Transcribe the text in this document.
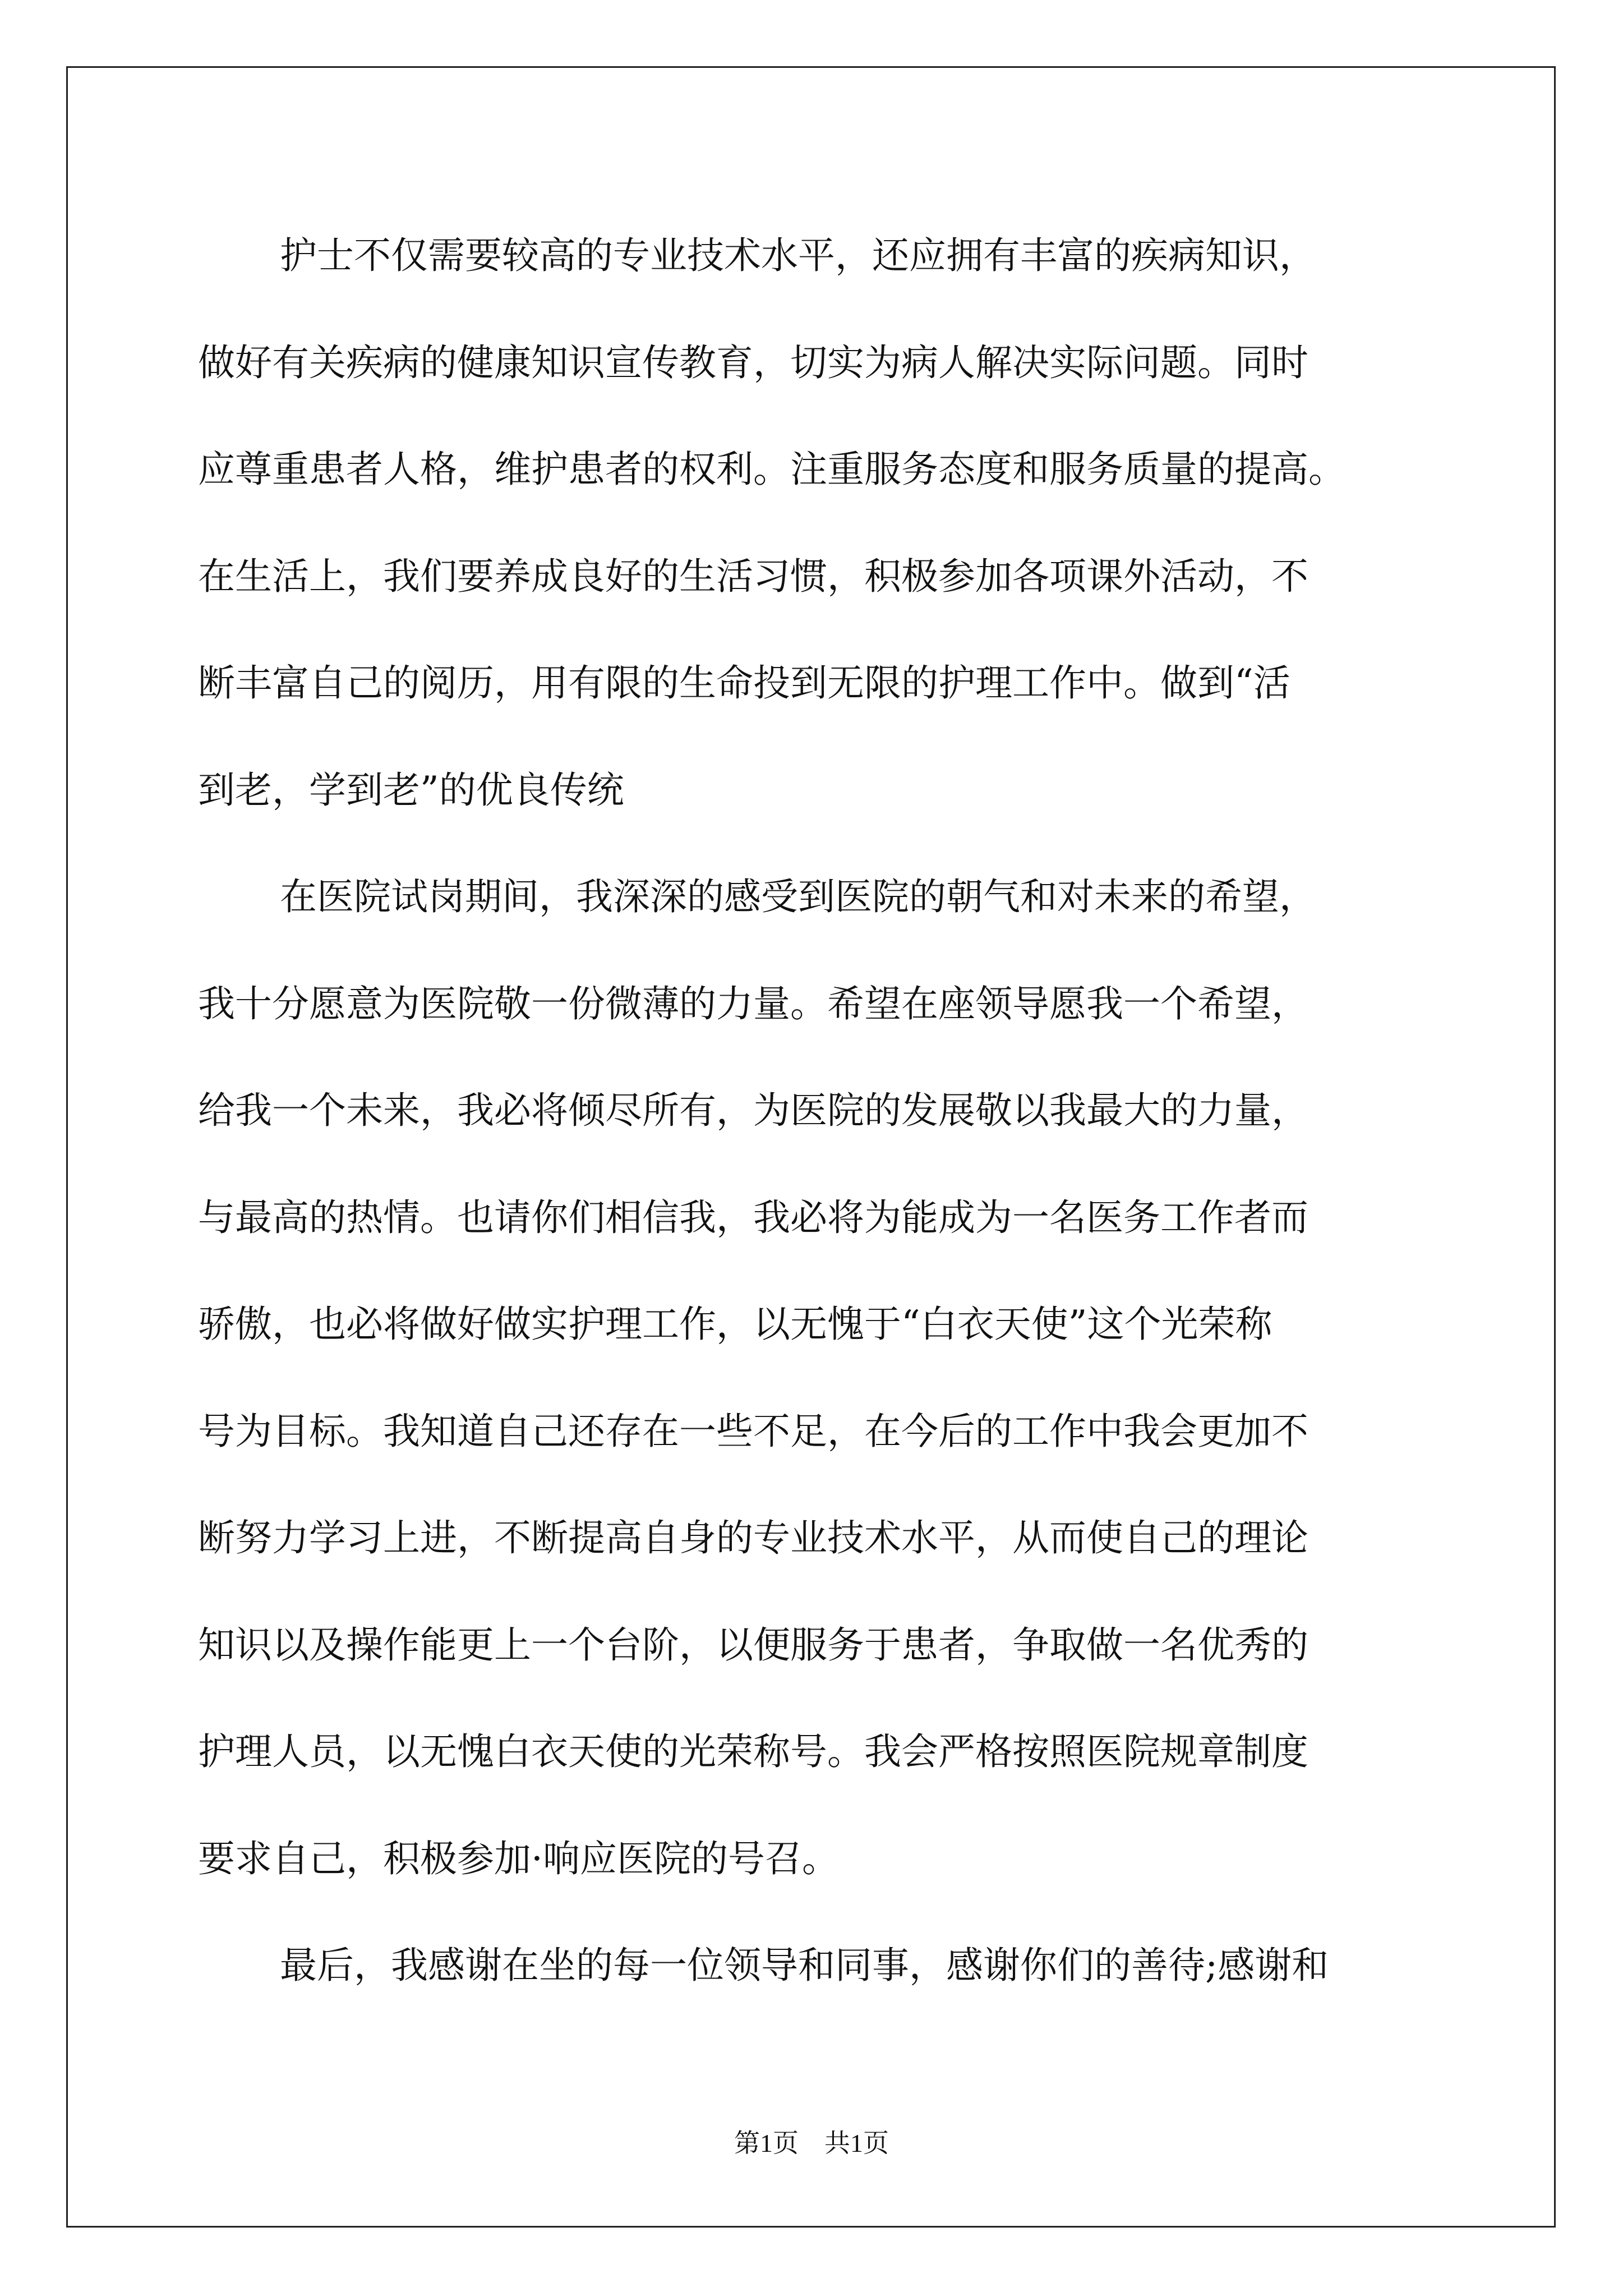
护士不仅需要较高的专业技术水平，还应拥有丰富的疾病知识，
做好有关疾病的健康知识宣传教育，切实为病人解决实际问题。同时
应尊重患者人格，维护患者的权利。注重服务态度和服务质量的提高。
在生活上，我们要养成良好的生活习惯，积极参加各项课外活动，不
断丰富自己的阅历，用有限的生命投到无限的护理工作中。做到“活
到老，学到老”的优良传统
在医院试岗期间，我深深的感受到医院的朝气和对未来的希望，
我十分愿意为医院敬一份微薄的力量。希望在座领导愿我一个希望，
给我一个未来，我必将倾尽所有，为医院的发展敬以我最大的力量，
与最高的热情。也请你们相信我，我必将为能成为一名医务工作者而
骄傲，也必将做好做实护理工作，以无愧于“白衣天使”这个光荣称
号为目标。我知道自己还存在一些不足，在今后的工作中我会更加不
断努力学习上进，不断提高自身的专业技术水平，从而使自己的理论
知识以及操作能更上一个台阶，以便服务于患者，争取做一名优秀的
护理人员，以无愧白衣天使的光荣称号。我会严格按照医院规章制度
要求自己，积极参加·响应医院的号召。
最后，我感谢在坐的每一位领导和同事，感谢你们的善待;感谢和
第1页　共1页
